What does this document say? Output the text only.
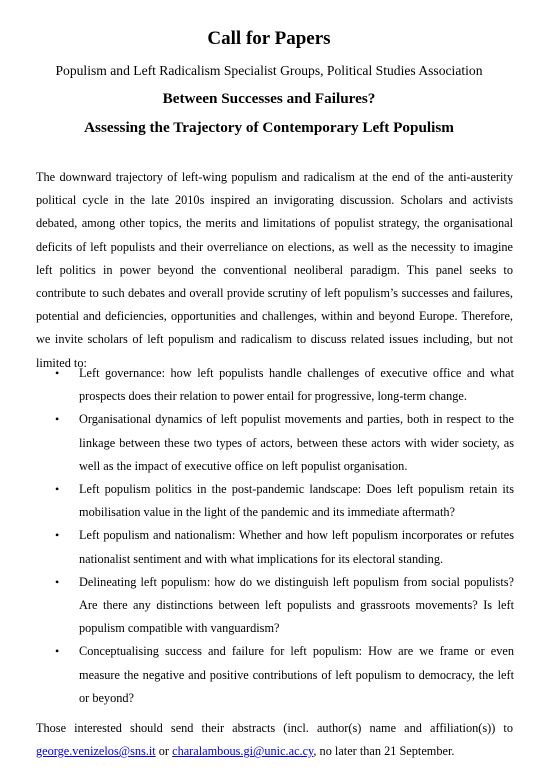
Call for Papers
Populism and Left Radicalism Specialist Groups, Political Studies Association
Between Successes and Failures?
Assessing the Trajectory of Contemporary Left Populism
The downward trajectory of left-wing populism and radicalism at the end of the anti-austerity political cycle in the late 2010s inspired an invigorating discussion. Scholars and activists debated, among other topics, the merits and limitations of populist strategy, the organisational deficits of left populists and their overreliance on elections, as well as the necessity to imagine left politics in power beyond the conventional neoliberal paradigm. This panel seeks to contribute to such debates and overall provide scrutiny of left populism’s successes and failures, potential and deficiencies, opportunities and challenges, within and beyond Europe. Therefore, we invite scholars of left populism and radicalism to discuss related issues including, but not limited to:
• Left governance: how left populists handle challenges of executive office and what prospects does their relation to power entail for progressive, long-term change.
• Organisational dynamics of left populist movements and parties, both in respect to the linkage between these two types of actors, between these actors with wider society, as well as the impact of executive office on left populist organisation.
• Left populism politics in the post-pandemic landscape: Does left populism retain its mobilisation value in the light of the pandemic and its immediate aftermath?
• Left populism and nationalism: Whether and how left populism incorporates or refutes nationalist sentiment and with what implications for its electoral standing.
• Delineating left populism: how do we distinguish left populism from social populists? Are there any distinctions between left populists and grassroots movements? Is left populism compatible with vanguardism?
• Conceptualising success and failure for left populism: How are we frame or even measure the negative and positive contributions of left populism to democracy, the left or beyond?
Those interested should send their abstracts (incl. author(s) name and affiliation(s)) to george.venizelos@sns.it or charalambous.gi@unic.ac.cy, no later than 21 September.
